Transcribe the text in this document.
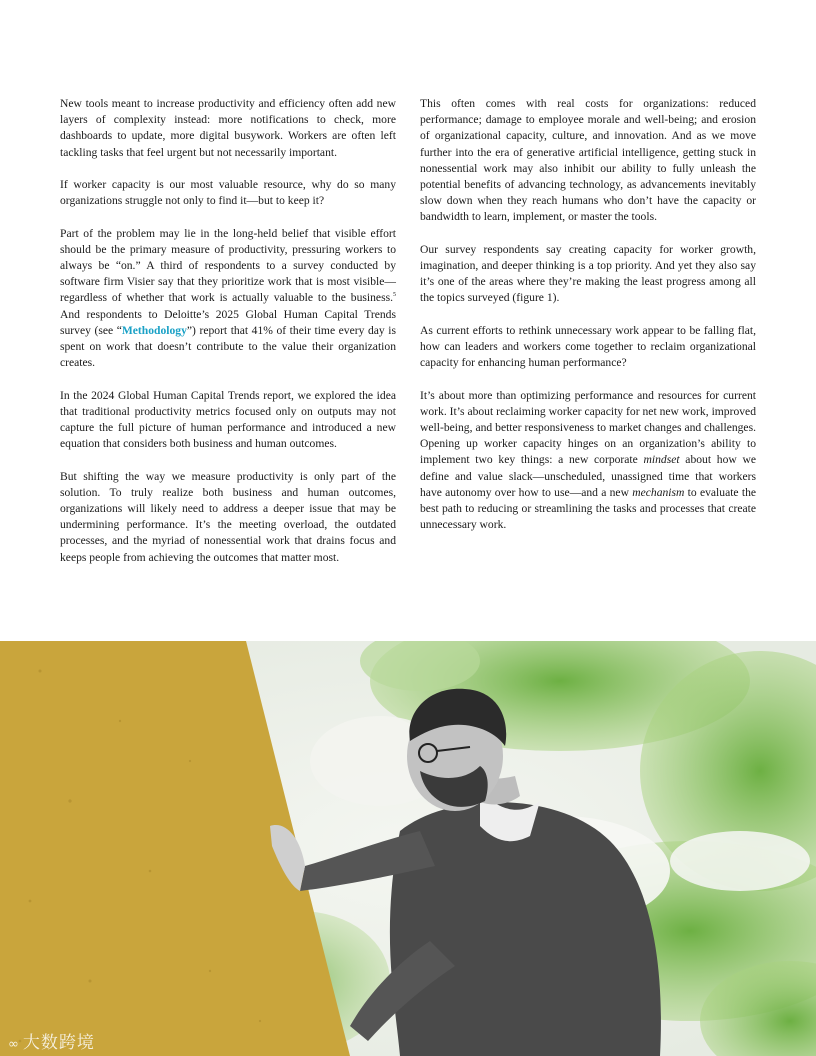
New tools meant to increase productivity and efficiency often add new layers of complexity instead: more notifications to check, more dashboards to update, more digital busywork. Workers are often left tackling tasks that feel urgent but not necessarily important.

If worker capacity is our most valuable resource, why do so many organizations struggle not only to find it—but to keep it?

Part of the problem may lie in the long-held belief that visible effort should be the primary measure of productivity, pressuring workers to always be “on.” A third of respondents to a survey conducted by software firm Visier say that they prioritize work that is most visible—regardless of whether that work is actually valuable to the business.$^5$ And respondents to Deloitte’s 2025 Global Human Capital Trends survey (see “Methodology”) report that 41% of their time every day is spent on work that doesn’t contribute to the value their organization creates.

In the 2024 Global Human Capital Trends report, we explored the idea that traditional productivity metrics focused only on outputs may not capture the full picture of human performance and introduced a new equation that considers both business and human outcomes.

But shifting the way we measure productivity is only part of the solution. To truly realize both business and human outcomes, organizations will likely need to address a deeper issue that may be undermining performance. It’s the meeting overload, the outdated processes, and the myriad of nonessential work that drains focus and keeps people from achieving the outcomes that matter most.

This often comes with real costs for organizations: reduced performance; damage to employee morale and well-being; and erosion of organizational capacity, culture, and innovation. And as we move further into the era of generative artificial intelligence, getting stuck in nonessential work may also inhibit our ability to fully unleash the potential benefits of advancing technology, as advancements inevitably slow down when they reach humans who don’t have the capacity or bandwidth to learn, implement, or master the tools.

Our survey respondents say creating capacity for worker growth, imagination, and deeper thinking is a top priority. And yet they also say it’s one of the areas where they’re making the least progress among all the topics surveyed (figure 1).

As current efforts to rethink unnecessary work appear to be falling flat, how can leaders and workers come together to reclaim organizational capacity for enhancing human performance?

It’s about more than optimizing performance and resources for current work. It’s about reclaiming worker capacity for net new work, improved well-being, and better responsiveness to market changes and challenges. Opening up worker capacity hinges on an organization’s ability to implement two key things: a new corporate mindset about how we define and value slack—unscheduled, unassigned time that workers have autonomy over how to use—and a new mechanism to evaluate the best path to reducing or streamlining the tasks and processes that create unnecessary work.

∞ 大数跨境
